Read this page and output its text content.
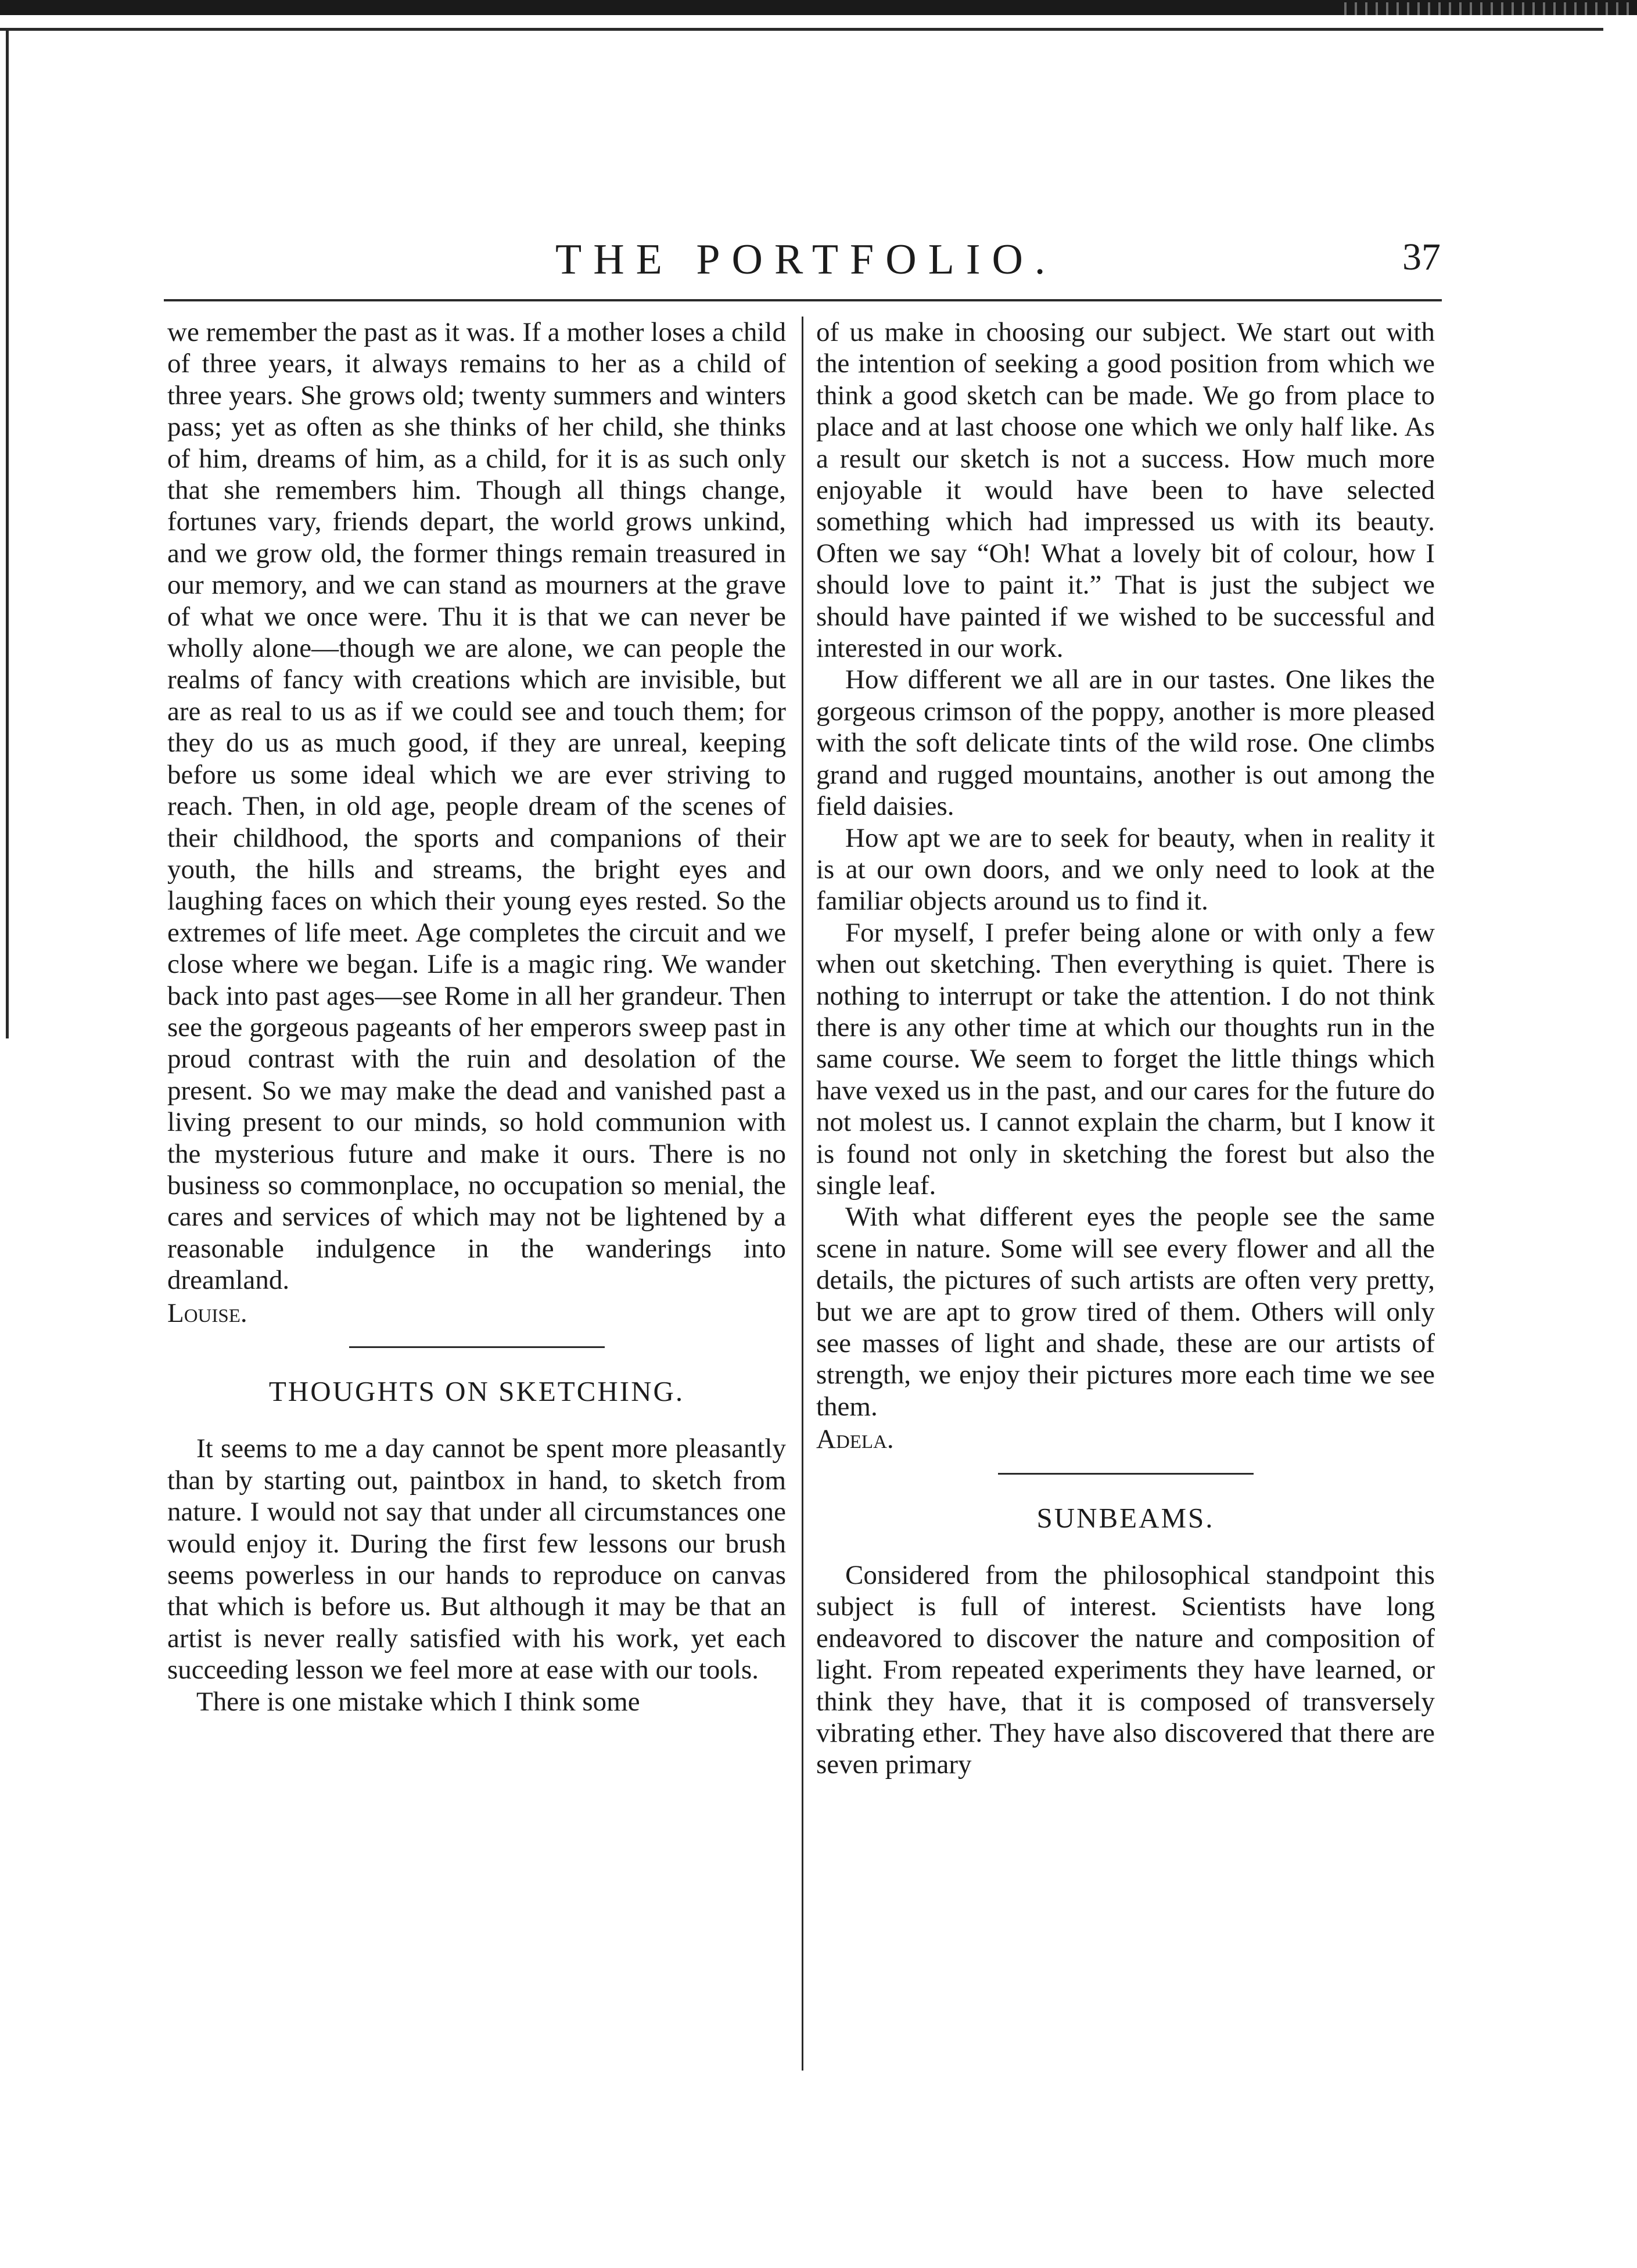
THE PORTFOLIO.	37

we remember the past as it was. If a mother loses a child of three years, it always remains to her as a child of three years. She grows old; twenty summers and winters pass; yet as often as she thinks of her child, she thinks of him, dreams of him, as a child, for it is as such only that she remembers him. Though all things change, fortunes vary, friends depart, the world grows unkind, and we grow old, the former things remain treasured in our memory, and we can stand as mourners at the grave of what we once were. Thu it is that we can never be wholly alone—though we are alone, we can people the realms of fancy with creations which are invisible, but are as real to us as if we could see and touch them; for they do us as much good, if they are unreal, keeping before us some ideal which we are ever striving to reach. Then, in old age, people dream of the scenes of their childhood, the sports and companions of their youth, the hills and streams, the bright eyes and laughing faces on which their young eyes rested. So the extremes of life meet. Age completes the circuit and we close where we began. Life is a magic ring. We wander back into past ages—see Rome in all her grandeur. Then see the gorgeous pageants of her emperors sweep past in proud contrast with the ruin and desolation of the present. So we may make the dead and vanished past a living present to our minds, so hold communion with the mysterious future and make it ours. There is no business so commonplace, no occupation so menial, the cares and services of which may not be lightened by a reasonable indulgence in the wanderings into dreamland.

Louise.

THOUGHTS ON SKETCHING.

It seems to me a day cannot be spent more pleasantly than by starting out, paintbox in hand, to sketch from nature. I would not say that under all circumstances one would enjoy it. During the first few lessons our brush seems powerless in our hands to reproduce on canvas that which is before us. But although it may be that an artist is never really satisfied with his work, yet each succeeding lesson we feel more at ease with our tools.

There is one mistake which I think some

of us make in choosing our subject. We start out with the intention of seeking a good position from which we think a good sketch can be made. We go from place to place and at last choose one which we only half like. As a result our sketch is not a success. How much more enjoyable it would have been to have selected something which had impressed us with its beauty. Often we say “Oh! What a lovely bit of colour, how I should love to paint it.” That is just the subject we should have painted if we wished to be successful and interested in our work.

How different we all are in our tastes. One likes the gorgeous crimson of the poppy, another is more pleased with the soft delicate tints of the wild rose. One climbs grand and rugged mountains, another is out among the field daisies.

How apt we are to seek for beauty, when in reality it is at our own doors, and we only need to look at the familiar objects around us to find it.

For myself, I prefer being alone or with only a few when out sketching. Then everything is quiet. There is nothing to interrupt or take the attention. I do not think there is any other time at which our thoughts run in the same course. We seem to forget the little things which have vexed us in the past, and our cares for the future do not molest us. I cannot explain the charm, but I know it is found not only in sketching the forest but also the single leaf.

With what different eyes the people see the same scene in nature. Some will see every flower and all the details, the pictures of such artists are often very pretty, but we are apt to grow tired of them. Others will only see masses of light and shade, these are our artists of strength, we enjoy their pictures more each time we see them.

Adela.

SUNBEAMS.

Considered from the philosophical standpoint this subject is full of interest. Scientists have long endeavored to discover the nature and composition of light. From repeated experiments they have learned, or think they have, that it is composed of transversely vibrating ether. They have also discovered that there are seven primary
